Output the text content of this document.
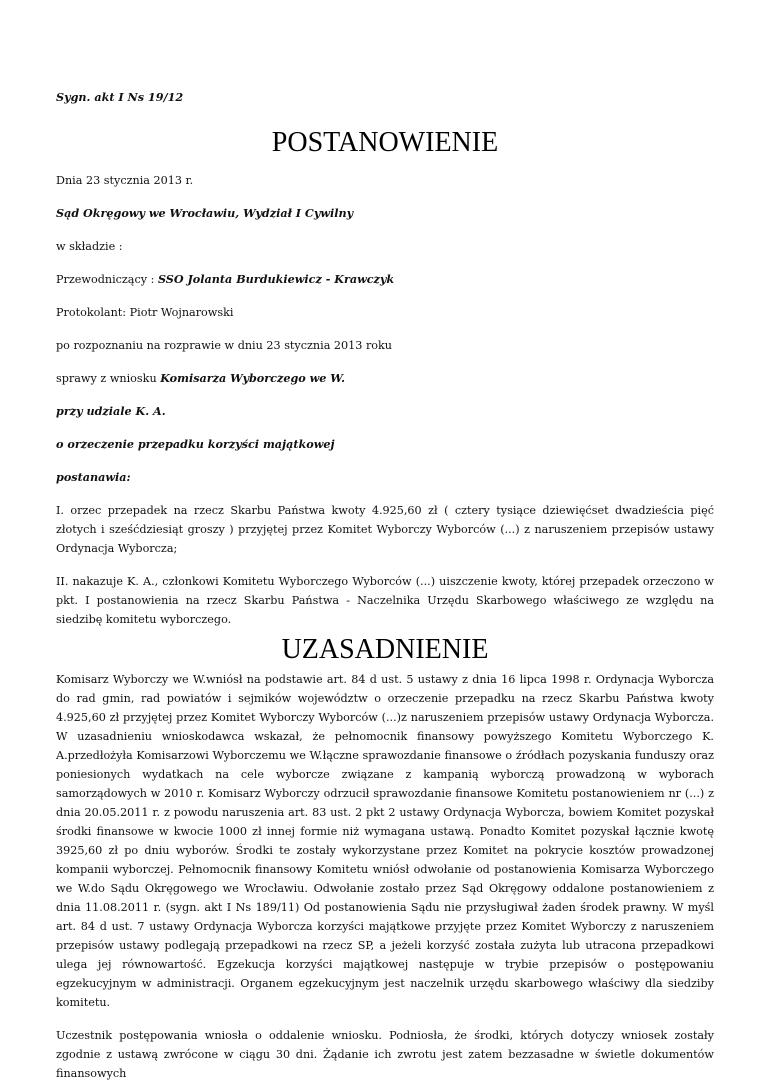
Sygn. akt I Ns 19/12

POSTANOWIENIE

Dnia 23 stycznia 2013 r.

Sąd Okręgowy we Wrocławiu, Wydział I Cywilny

w składzie :

Przewodniczący : SSO Jolanta Burdukiewicz - Krawczyk

Protokolant: Piotr Wojnarowski

po rozpoznaniu na rozprawie w dniu 23 stycznia 2013 roku

sprawy z wniosku Komisarza Wyborczego we W.

przy udziale K. A.

o orzeczenie przepadku korzyści majątkowej

postanawia:

I. orzec przepadek na rzecz Skarbu Państwa kwoty 4.925,60 zł ( cztery tysiące dziewięćset dwadzieścia pięć złotych i sześćdziesiąt groszy ) przyjętej przez Komitet Wyborczy Wyborców (...) z naruszeniem przepisów ustawy Ordynacja Wyborcza;

II. nakazuje K. A., członkowi Komitetu Wyborczego Wyborców (...) uiszczenie kwoty, której przepadek orzeczono w pkt. I postanowienia na rzecz Skarbu Państwa - Naczelnika Urzędu Skarbowego właściwego ze względu na siedzibę komitetu wyborczego.

UZASADNIENIE

Komisarz Wyborczy we W.wniósł na podstawie art. 84 d ust. 5 ustawy z dnia 16 lipca 1998 r. Ordynacja Wyborcza do rad gmin, rad powiatów i sejmików województw o orzeczenie przepadku na rzecz Skarbu Państwa kwoty 4.925,60 zł przyjętej przez Komitet Wyborczy Wyborców (...)z naruszeniem przepisów ustawy Ordynacja Wyborcza. W uzasadnieniu wnioskodawca wskazał, że pełnomocnik finansowy powyższego Komitetu Wyborczego K. A.przedłożyła Komisarzowi Wyborczemu we W.łączne sprawozdanie finansowe o źródłach pozyskania funduszy oraz poniesionych wydatkach na cele wyborcze związane z kampanią wyborczą prowadzoną w wyborach samorządowych w 2010 r. Komisarz Wyborczy odrzucił sprawozdanie finansowe Komitetu postanowieniem nr (...) z dnia 20.05.2011 r. z powodu naruszenia art. 83 ust. 2 pkt 2 ustawy Ordynacja Wyborcza, bowiem Komitet pozyskał środki finansowe w kwocie 1000 zł innej formie niż wymagana ustawą. Ponadto Komitet pozyskał łącznie kwotę 3925,60 zł po dniu wyborów. Środki te zostały wykorzystane przez Komitet na pokrycie kosztów prowadzonej kompanii wyborczej. Pełnomocnik finansowy Komitetu wniósł odwołanie od postanowienia Komisarza Wyborczego we W.do Sądu Okręgowego we Wrocławiu. Odwołanie zostało przez Sąd Okręgowy oddalone postanowieniem z dnia 11.08.2011 r. (sygn. akt I Ns 189/11) Od postanowienia Sądu nie przysługiwał żaden środek prawny. W myśl art. 84 d ust. 7 ustawy Ordynacja Wyborcza korzyści majątkowe przyjęte przez Komitet Wyborczy z naruszeniem przepisów ustawy podlegają przepadkowi na rzecz SP, a jeżeli korzyść została zużyta lub utracona przepadkowi ulega jej równowartość. Egzekucja korzyści majątkowej następuje w trybie przepisów o postępowaniu egzekucyjnym w administracji. Organem egzekucyjnym jest naczelnik urzędu skarbowego właściwy dla siedziby komitetu.

Uczestnik postępowania wniosła o oddalenie wniosku. Podniosła, że środki, których dotyczy wniosek zostały zgodnie z ustawą zwrócone w ciągu 30 dni. Żądanie ich zwrotu jest zatem bezzasadne w świetle dokumentów finansowych
